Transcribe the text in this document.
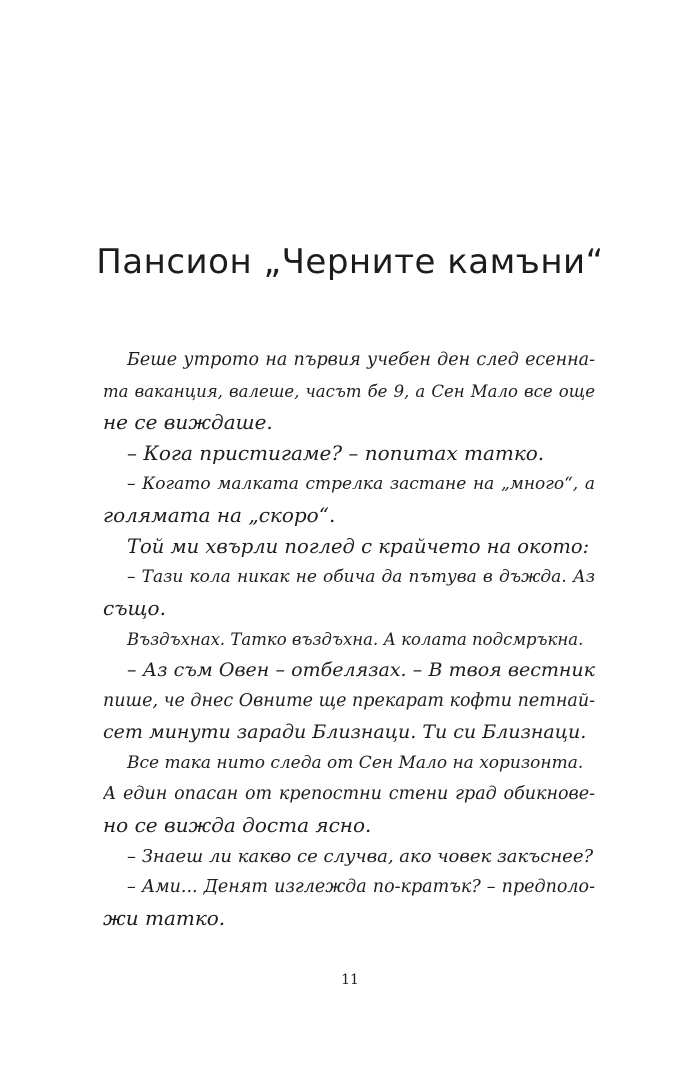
Пансион „Черните камъни“
Беше утрото на първия учебен ден след есенна-
та ваканция, валеше, часът бе 9, а Сен Мало все още
не се виждаше.
– Кога пристигаме? – попитах татко.
– Когато малката стрелка застане на „много“, а
голямата на „скоро“.
Той ми хвърли поглед с крайчето на окото:
– Тази кола никак не обича да пътува в дъжда. Аз
също.
Въздъхнах. Татко въздъхна. А колата подсмръкна.
– Аз съм Овен – отбелязах. – В твоя вестник
пише, че днес Овните ще прекарат кофти петнай-
сет минути заради Близнаци. Ти си Близнаци.
Все така нито следа от Сен Мало на хоризонта.
А един опасан от крепостни стени град обикнове-
но се вижда доста ясно.
– Знаеш ли какво се случва, ако човек закъснее?
– Ами... Денят изглежда по-кратък? – предполо-
жи татко.
11
